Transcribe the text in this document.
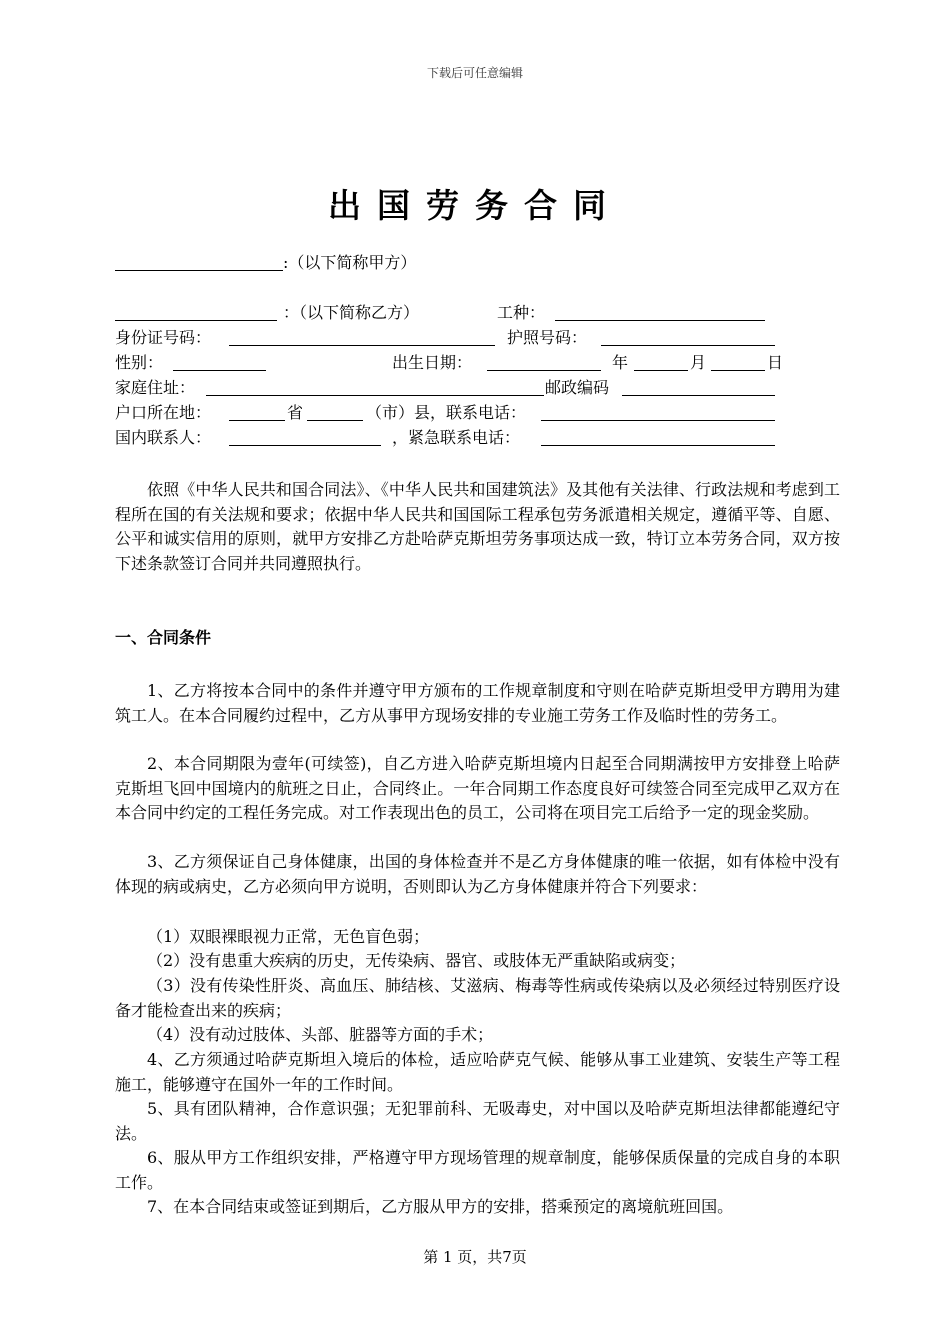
下载后可任意编辑
出国劳务合同
:（以下简称甲方）
：（以下简称乙方）	工种：
身份证号码：	护照号码：
性别：	出生日期：	年	月	日
家庭住址：	邮政编码
户口所在地：	省	（市）县，联系电话：
国内联系人：	，紧急联系电话：
依照《中华人民共和国合同法》、《中华人民共和国建筑法》及其他有关法律、行政法规和考虑到工程所在国的有关法规和要求；依据中华人民共和国国际工程承包劳务派遣相关规定，遵循平等、自愿、公平和诚实信用的原则，就甲方安排乙方赴哈萨克斯坦劳务事项达成一致，特订立本劳务合同，双方按下述条款签订合同并共同遵照执行。
一、合同条件
1、乙方将按本合同中的条件并遵守甲方颁布的工作规章制度和守则在哈萨克斯坦受甲方聘用为建筑工人。在本合同履约过程中，乙方从事甲方现场安排的专业施工劳务工作及临时性的劳务工。
2、本合同期限为壹年(可续签)，自乙方进入哈萨克斯坦境内日起至合同期满按甲方安排登上哈萨克斯坦飞回中国境内的航班之日止，合同终止。一年合同期工作态度良好可续签合同至完成甲乙双方在本合同中约定的工程任务完成。对工作表现出色的员工，公司将在项目完工后给予一定的现金奖励。
3、乙方须保证自己身体健康，出国的身体检查并不是乙方身体健康的唯一依据，如有体检中没有体现的病或病史，乙方必须向甲方说明，否则即认为乙方身体健康并符合下列要求：
（1）双眼裸眼视力正常，无色盲色弱；
（2）没有患重大疾病的历史，无传染病、器官、或肢体无严重缺陷或病变；
（3）没有传染性肝炎、高血压、肺结核、艾滋病、梅毒等性病或传染病以及必须经过特别医疗设备才能检查出来的疾病；
（4）没有动过肢体、头部、脏器等方面的手术；
4、乙方须通过哈萨克斯坦入境后的体检，适应哈萨克气候、能够从事工业建筑、安装生产等工程施工，能够遵守在国外一年的工作时间。
5、具有团队精神，合作意识强；无犯罪前科、无吸毒史，对中国以及哈萨克斯坦法律都能遵纪守法。
6、服从甲方工作组织安排，严格遵守甲方现场管理的规章制度，能够保质保量的完成自身的本职工作。
7、在本合同结束或签证到期后，乙方服从甲方的安排，搭乘预定的离境航班回国。
第 1 页，共7页
